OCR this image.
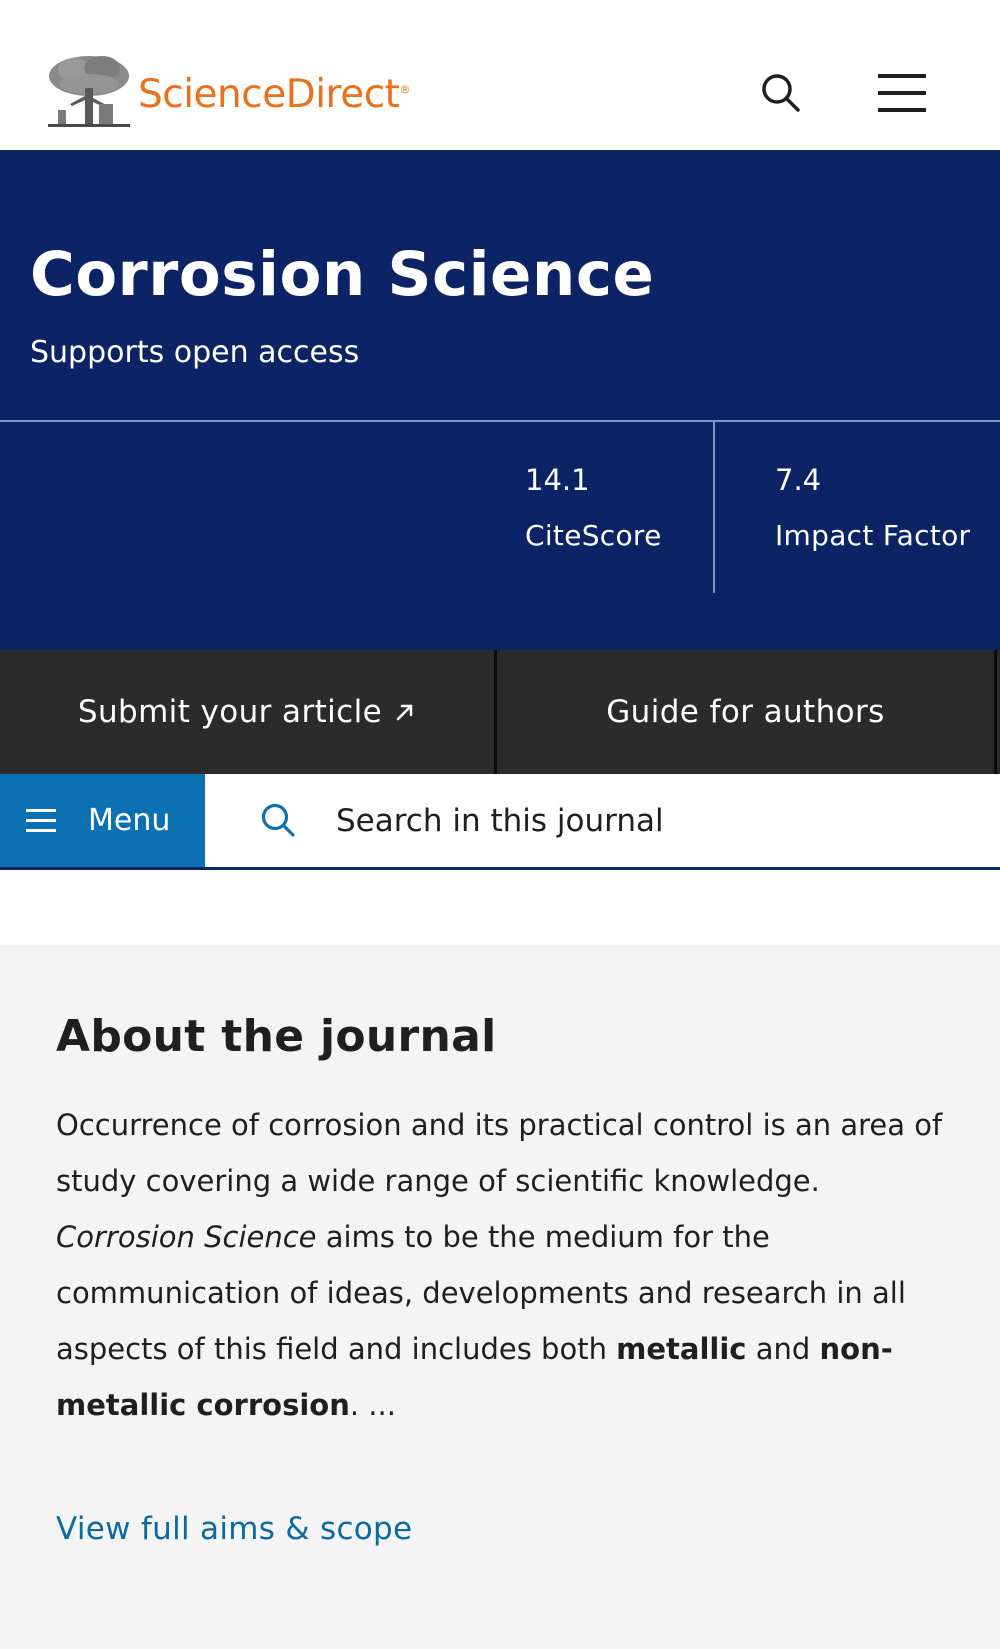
ScienceDirect®
Corrosion Science
Supports open access
14.1
CiteScore
7.4
Impact Factor
Submit your article	Guide for authors
Menu
Search in this journal
About the journal

Occurrence of corrosion and its practical control is an area of study covering a wide range of scientific knowledge. Corrosion Science aims to be the medium for the communication of ideas, developments and research in all aspects of this field and includes both metallic and non-metallic corrosion. ...

View full aims & scope
